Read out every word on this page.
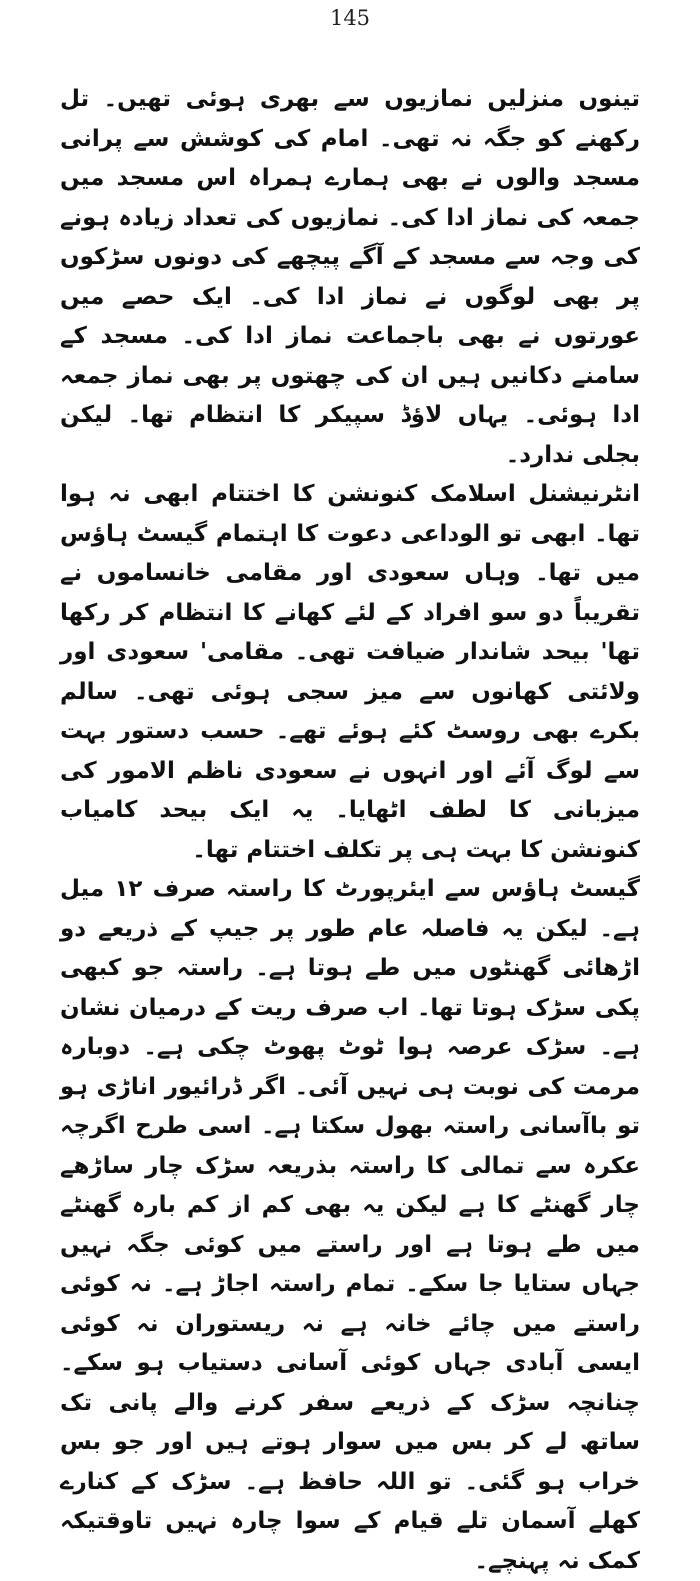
145

تینوں منزلیں نمازیوں سے بھری ہوئی تھیں۔ تل رکھنے کو جگہ نہ تھی۔ امام کی کوشش سے پرانی مسجد والوں نے بھی ہمارے ہمراہ اس مسجد میں جمعہ کی نماز ادا کی۔ نمازیوں کی تعداد زیادہ ہونے کی وجہ سے مسجد کے آگے پیچھے کی دونوں سڑکوں پر بھی لوگوں نے نماز ادا کی۔ ایک حصے میں عورتوں نے بھی باجماعت نماز ادا کی۔ مسجد کے سامنے دکانیں ہیں ان کی چھتوں پر بھی نماز جمعہ ادا ہوئی۔ یہاں لاؤڈ سپیکر کا انتظام تھا۔ لیکن بجلی ندارد۔

انٹرنیشنل اسلامک کنونشن کا اختتام ابھی نہ ہوا تھا۔ ابھی تو الوداعی دعوت کا اہتمام گیسٹ ہاؤس میں تھا۔ وہاں سعودی اور مقامی خانساموں نے تقریباً دو سو افراد کے لئے کھانے کا انتظام کر رکھا تھا' بیحد شاندار ضیافت تھی۔ مقامی' سعودی اور ولائتی کھانوں سے میز سجی ہوئی تھی۔ سالم بکرے بھی روسٹ کئے ہوئے تھے۔ حسب دستور بہت سے لوگ آئے اور انہوں نے سعودی ناظم الامور کی میزبانی کا لطف اٹھایا۔ یہ ایک بیحد کامیاب کنونشن کا بہت ہی پر تکلف اختتام تھا۔

گیسٹ ہاؤس سے ایئرپورٹ کا راستہ صرف ۱۲ میل ہے۔ لیکن یہ فاصلہ عام طور پر جیپ کے ذریعے دو اڑھائی گھنٹوں میں طے ہوتا ہے۔ راستہ جو کبھی پکی سڑک ہوتا تھا۔ اب صرف ریت کے درمیان نشان ہے۔ سڑک عرصہ ہوا ٹوٹ پھوٹ چکی ہے۔ دوبارہ مرمت کی نوبت ہی نہیں آئی۔ اگر ڈرائیور اناڑی ہو تو باآسانی راستہ بھول سکتا ہے۔ اسی طرح اگرچہ عکرہ سے تمالی کا راستہ بذریعہ سڑک چار ساڑھے چار گھنٹے کا ہے لیکن یہ بھی کم از کم بارہ گھنٹے میں طے ہوتا ہے اور راستے میں کوئی جگہ نہیں جہاں ستایا جا سکے۔ تمام راستہ اجاڑ ہے۔ نہ کوئی راستے میں چائے خانہ ہے نہ ریستوران نہ کوئی ایسی آبادی جہاں کوئی آسانی دستیاب ہو سکے۔ چنانچہ سڑک کے ذریعے سفر کرنے والے پانی تک ساتھ لے کر بس میں سوار ہوتے ہیں اور جو بس خراب ہو گئی۔ تو اللہ حافظ ہے۔ سڑک کے کنارے کھلے آسمان تلے قیام کے سوا چارہ نہیں تاوقتیکہ کمک نہ پہنچے۔
